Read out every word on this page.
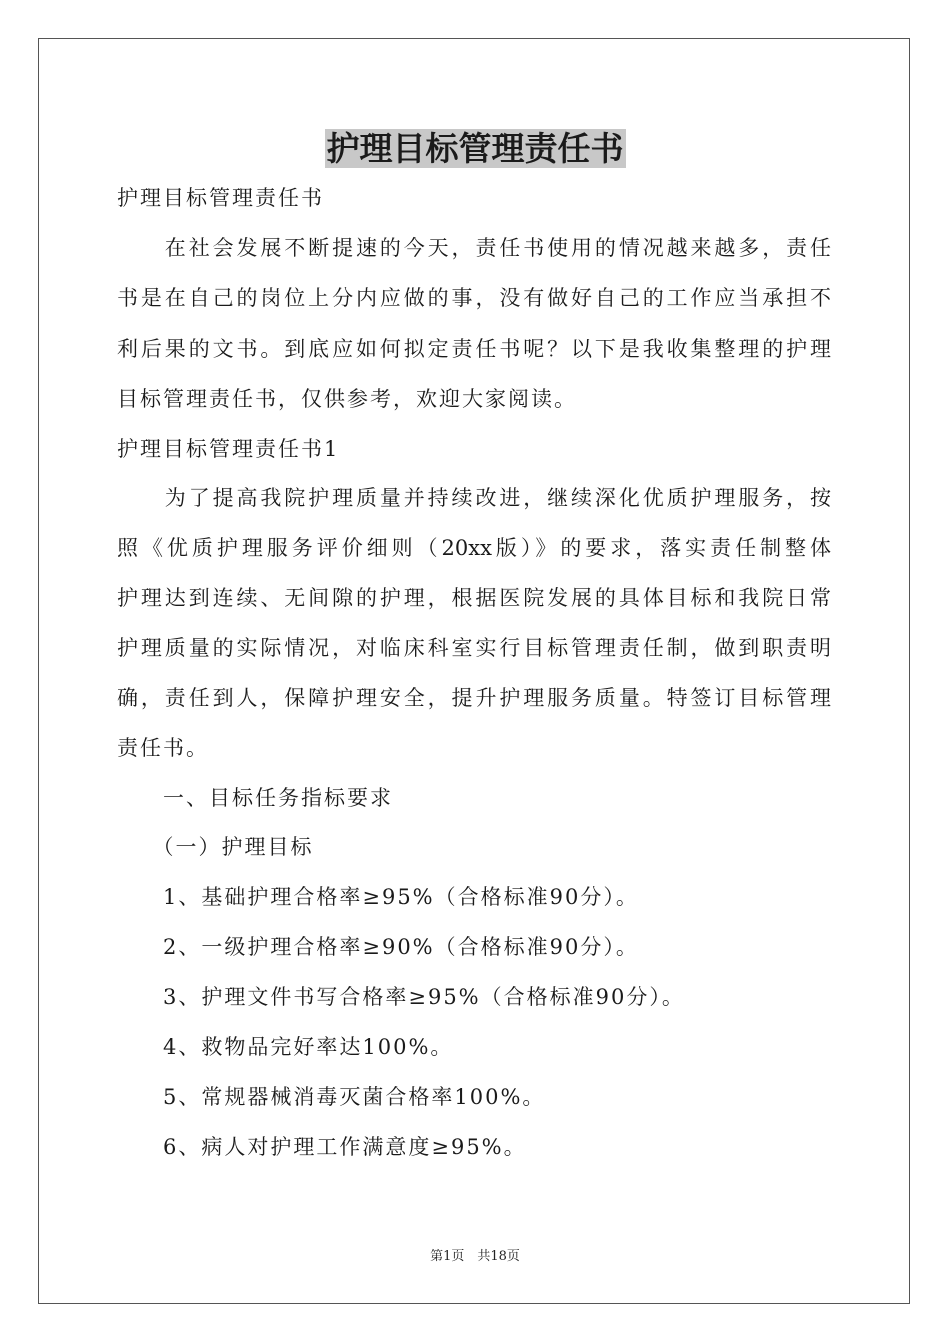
护理目标管理责任书
护理目标管理责任书
　　在社会发展不断提速的今天，责任书使用的情况越来越多，责任
书是在自己的岗位上分内应做的事，没有做好自己的工作应当承担不
利后果的文书。到底应如何拟定责任书呢？以下是我收集整理的护理
目标管理责任书，仅供参考，欢迎大家阅读。
护理目标管理责任书1
　　为了提高我院护理质量并持续改进，继续深化优质护理服务，按
照《优质护理服务评价细则（20xx版）》的要求，落实责任制整体
护理达到连续、无间隙的护理，根据医院发展的具体目标和我院日常
护理质量的实际情况，对临床科室实行目标管理责任制，做到职责明
确，责任到人，保障护理安全，提升护理服务质量。特签订目标管理
责任书。
　　一、目标任务指标要求
　　（一）护理目标
　　1、基础护理合格率≥95%（合格标准90分）。
　　2、一级护理合格率≥90%（合格标准90分）。
　　3、护理文件书写合格率≥95%（合格标准90分）。
　　4、救物品完好率达100%。
　　5、常规器械消毒灭菌合格率100%。
　　6、病人对护理工作满意度≥95%。
第1页　共18页
